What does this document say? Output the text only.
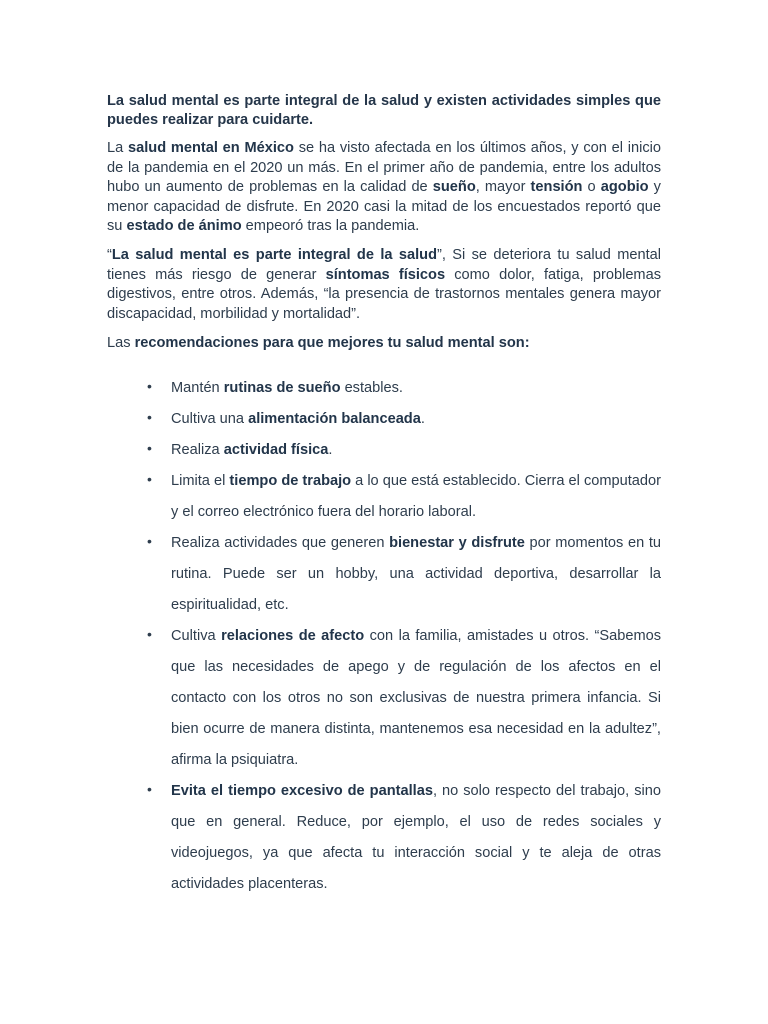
La salud mental es parte integral de la salud y existen actividades simples que puedes realizar para cuidarte.
La salud mental en México se ha visto afectada en los últimos años, y con el inicio de la pandemia en el 2020 un más. En el primer año de pandemia, entre los adultos hubo un aumento de problemas en la calidad de sueño, mayor tensión o agobio y menor capacidad de disfrute. En 2020 casi la mitad de los encuestados reportó que su estado de ánimo empeoró tras la pandemia.
“La salud mental es parte integral de la salud”, Si se deteriora tu salud mental tienes más riesgo de generar síntomas físicos como dolor, fatiga, problemas digestivos, entre otros. Además, “la presencia de trastornos mentales genera mayor discapacidad, morbilidad y mortalidad”.
Las recomendaciones para que mejores tu salud mental son:
• Mantén rutinas de sueño estables.
• Cultiva una alimentación balanceada.
• Realiza actividad física.
• Limita el tiempo de trabajo a lo que está establecido. Cierra el computador y el correo electrónico fuera del horario laboral.
• Realiza actividades que generen bienestar y disfrute por momentos en tu rutina. Puede ser un hobby, una actividad deportiva, desarrollar la espiritualidad, etc.
• Cultiva relaciones de afecto con la familia, amistades u otros. “Sabemos que las necesidades de apego y de regulación de los afectos en el contacto con los otros no son exclusivas de nuestra primera infancia. Si bien ocurre de manera distinta, mantenemos esa necesidad en la adultez”, afirma la psiquiatra.
• Evita el tiempo excesivo de pantallas, no solo respecto del trabajo, sino que en general. Reduce, por ejemplo, el uso de redes sociales y videojuegos, ya que afecta tu interacción social y te aleja de otras actividades placenteras.
